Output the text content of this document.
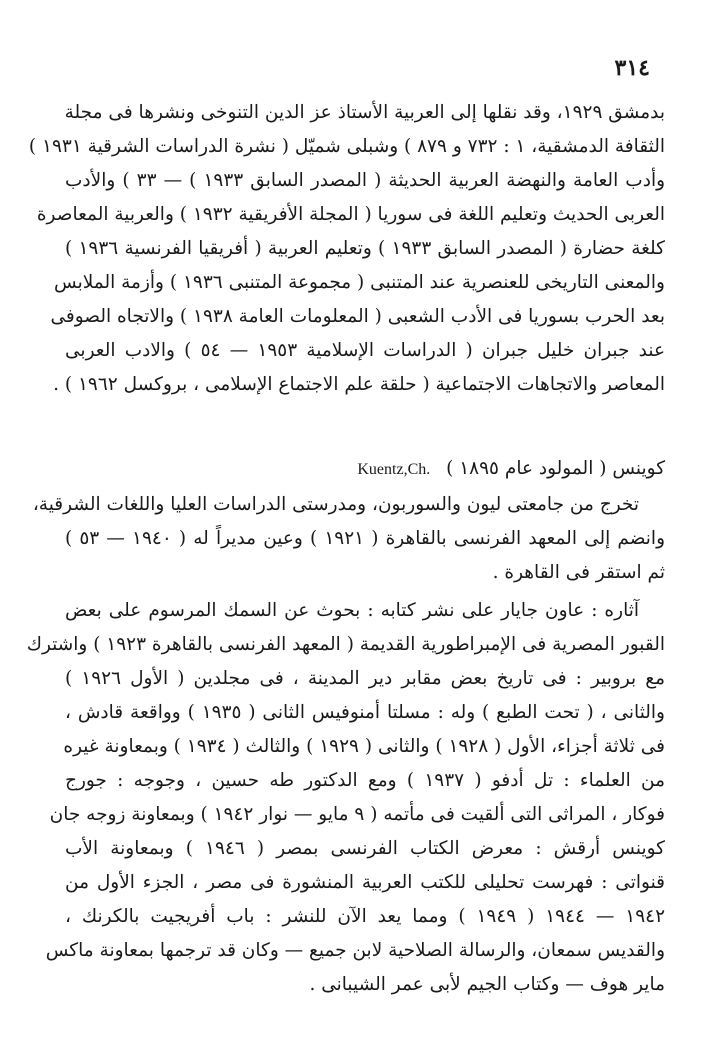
٣١٤
بدمشق ١٩٢٩، وقد نقلها إلى العربية الأستاذ عز الدين التنوخى ونشرها فى مجلة
الثقافة الدمشقية، ١ : ٧٣٢ و ٨٧٩ ) وشبلى شميّل ( نشرة الدراسات الشرقية ١٩٣١ )
وأدب العامة والنهضة العربية الحديثة ( المصدر السابق ١٩٣٣ ) — ٣٣ ) والأدب
العربى الحديث وتعليم اللغة فى سوريا ( المجلة الأفريقية ١٩٣٢ ) والعربية المعاصرة
كلغة حضارة ( المصدر السابق ١٩٣٣ ) وتعليم العربية ( أفريقيا الفرنسية ١٩٣٦ )
والمعنى التاريخى للعنصرية عند المتنبى ( مجموعة المتنبى ١٩٣٦ ) وأزمة الملابس
بعد الحرب بسوريا فى الأدب الشعبى ( المعلومات العامة ١٩٣٨ ) والاتجاه الصوفى
عند جبران خليل جبران ( الدراسات الإسلامية ١٩٥٣ — ٥٤ ) والادب العربى
المعاصر والاتجاهات الاجتماعية ( حلقة علم الاجتماع الإسلامى ، بروكسل ١٩٦٢ ) .
كوينس ( المولود عام ١٨٩٥ ) Kuentz,Ch.
تخرج من جامعتى ليون والسوربون، ومدرستى الدراسات العليا واللغات الشرقية،
وانضم إلى المعهد الفرنسى بالقاهرة ( ١٩٢١ ) وعين مديراً له ( ١٩٤٠ — ٥٣ )
ثم استقر فى القاهرة .
آثاره : عاون جايار على نشر كتابه : بحوث عن السمك المرسوم على بعض
القبور المصرية فى الإمبراطورية القديمة ( المعهد الفرنسى بالقاهرة ١٩٢٣ ) واشترك
مع بروبير : فى تاريخ بعض مقابر دير المدينة ، فى مجلدين ( الأول ١٩٢٦ )
والثانى ، ( تحت الطبع ) وله : مسلتا أمنوفيس الثانى ( ١٩٣٥ ) وواقعة قادش ،
فى ثلاثة أجزاء، الأول ( ١٩٢٨ ) والثانى ( ١٩٢٩ ) والثالث ( ١٩٣٤ ) وبمعاونة غيره
من العلماء : تل أدفو ( ١٩٣٧ ) ومع الدكتور طه حسين ، وجوجه : جورج
فوكار ، المراثى التى ألقيت فى مأتمه ( ٩ مايو — نوار ١٩٤٢ ) وبمعاونة زوجه جان
كوينس أرقش : معرض الكتاب الفرنسى بمصر ( ١٩٤٦ ) وبمعاونة الأب
قنواتى : فهرست تحليلى للكتب العربية المنشورة فى مصر ، الجزء الأول من
١٩٤٢ — ١٩٤٤ ( ١٩٤٩ ) ومما يعد الآن للنشر : باب أفريجيت بالكرنك ،
والقديس سمعان، والرسالة الصلاحية لابن جميع — وكان قد ترجمها بمعاونة ماكس
ماير هوف — وكتاب الجيم لأبى عمر الشيبانى .
